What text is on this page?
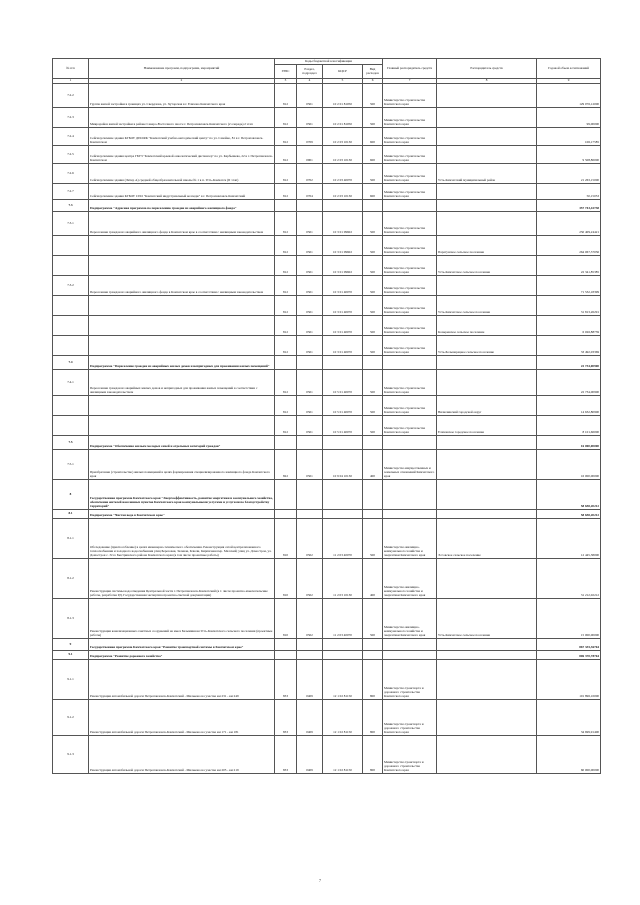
№ п/п	Наименование программ, подпрограмм, мероприятий	Коды бюджетной классификации				Главный распорядитель средств	Распорядитель средств	Годовой объем ассигнований
		ГРБС	Раздел, подраздел	КЦСР	Вид расходов			
1	2	3	4	5	6	7	8	9
7.2.2	Группа жилой застройки в границах ул. Свердлова, ул. Хуторская в г. Елизово Камчатского края	812	0501	10 2 01 81050	500	Министерство строительства Камчатского края		129 076,12000
7.2.3	Микрорайон жилой застройки в районе Северо-Восточного шоссе г. Петропавловск-Камчатского (2 очередь) 2 этап	812	0501	10 2 01 81050	500	Министерство строительства Камчатского края		99,00000
7.2.4	Сейсмоусиление здания КГБОУ ДПОФК "Камчатский учебно-методический центр" по ул. Савойко, 81 в г. Петропавловск-Камчатском	812	0709	10 2 03 10130	600	Министерство строительства Камчатского края		106,17585
7.2.5	Сейсмоусиление здания центра ГБУЗ "Камчатский краевой онкологический диспансер" по ул. Карбышева, 22 в г. Петропавловск-Камчатском	812	0901	10 2 03 10130	600	Министерство строительства Камчатского края		9 508,80000
7.2.6	Сейсмоусиление здания (Литер А) средней общеобразовательной школы № 1 в п. Усть-Камчатск (II этап)	812	0702	10 2 03 40070	500	Министерство строительства Камчатского края	Усть-Камчатский муниципальный район	21 263,15000
7.2.7	Сейсмоусиление здания КГБОУ СПО "Камчатский индустриальный колледж" в г. Петропавловск-Камчатский	812	0704	10 2 03 10130	600	Министерство строительства Камчатского края		50,15053
7.3	Подпрограмма "Адресная программа по переселению граждан из аварийного жилищного фонда"							357 743,42738
7.3.1	Переселение граждан из аварийного жилищного фонда в Камчатском крае в соответствии с жилищным законодательством	812	0501	10 3 01 09602	500	Министерство строительства Камчатского края		250 409,24421
		812	0501	10 3 01 09602	500	Министерство строительства Камчатского края	Паратунское сельское поселение	264 067,37036
		812	0501	10 3 01 09602	500	Министерство строительства Камчатского края	Усть-Камчатское сельское поселение	22 341,85385
7.3.2	Переселение граждан из аварийного жилищного фонда в Камчатском крае в соответствии с жилищным законодательством	812	0501	10 3 01 40070	500	Министерство строительства Камчатского края		71 532,18399
		812	0501	10 3 01 40070	500	Министерство строительства Камчатского края	Усть-Камчатское сельское поселение	31 813,26291
		812	0501	10 3 01 40070	500	Министерство строительства Камчатского края	Козыревское сельское поселение	6 026,88739
		812	0501	10 3 01 40070	500	Министерство строительства Камчатского края	Усть-Большерецкое сельское поселение	33 492,03369
7.4	Подпрограмма "Переселение граждан из аварийных жилых домов и непригодных для проживания жилых помещений"							22 734,00900
7.4.1	Переселение граждан из аварийных жилых домов и непригодных для проживания жилых помещений в соответствии с жилищным законодательством	812	0501	10 5 01 40070	500	Министерство строительства Камчатского края		22 734,00900
		812	0501	10 5 01 40070	500	Министерство строительства Камчатского края	Вилючинский городской округ	14 632,80900
		812	0501	10 5 01 40070	500	Министерство строительства Камчатского края	Елизовское городское поселение	8 101,60000
7.5	Подпрограмма "Обеспечение жильем молодых семей и отдельных категорий граждан"							16 000,00000
7.5.1	Приобретение (строительство) жилых помещений в целях формирования специализированного жилищного фонда Камчатского края	822	0501	10 9 04 10130	400	Министерство имущественных и земельных отношений Камчатского края		16 000,00000
8	Государственная программа Камчатского края "Энергоэффективность, развитие энергетики и коммунального хозяйства, обеспечение жителей населенных пунктов Камчатского края коммунальными услугами и услугами по благоустройству территорий"							58 658,20212
8.1	Подпрограмма "Чистая вода в Камчатском крае"							58 658,20212
8.1.1	Обследование (приспособление) в целях инженерно-технического обеспечения. Реконструкция сетей централизованного теплоснабжения и холодного водоснабжения улиц Березовая, Зеленая, Ключи, Кирпичная пер. Малский; улиц ул. Домостроя, ул. Домостроя с. Эссо Быстринского района Камчатского края (в том числе проектные работы)	810	0502	11 2 03 40070	500	Министерство жилищно-коммунального хозяйства и энергетики Камчатского края	Эссовское сельское поселение	12 445,38000
8.1.2	Реконструкция системы водоотведения Центральной части г. Петропавловск-Камчатский (в т. числе проектно-изыскательские работы, разработка РД, Государственная экспертиза проектно-сметной документации)	810	0502	11 2 03 10130	400	Министерство жилищно-коммунального хозяйства и энергетики Камчатского края		31 212,02212
8.1.3	Реконструкция канализационных очистных сооружений на мысе Безымянном Усть-Камчатского сельского поселения (проектные работы)	810	0502	11 2 03 40070	500	Министерство жилищно-коммунального хозяйства и энергетики Камчатского края	Усть-Камчатское сельское поселение	15 000,00000
9	Государственная программа Камчатского края "Развитие транспортной системы в Камчатском крае"							867 335,36764
9.1	Подпрограмма "Развитие дорожного хозяйства"							806 370,78764
9.1.1	Реконструкция автомобильной дороги Петропавловск-Камчатский - Мильково на участке км 231 - км 249	833	0409	12 1 02 81150	800	Министерство транспорта и дорожного строительства Камчатского края		101 896,10000
9.1.2	Реконструкция автомобильной дороги Петропавловск-Камчатский - Мильково на участке км 171 - км 181	833	0409	12 1 02 81150	800	Министерство транспорта и дорожного строительства Камчатского края		34 699,91400
9.1.3	Реконструкция автомобильной дороги Петропавловск-Камчатский - Мильково на участке км 205 - км 219	833	0409	12 1 02 81150	800	Министерство транспорта и дорожного строительства Камчатского края		60 000,00000
7
